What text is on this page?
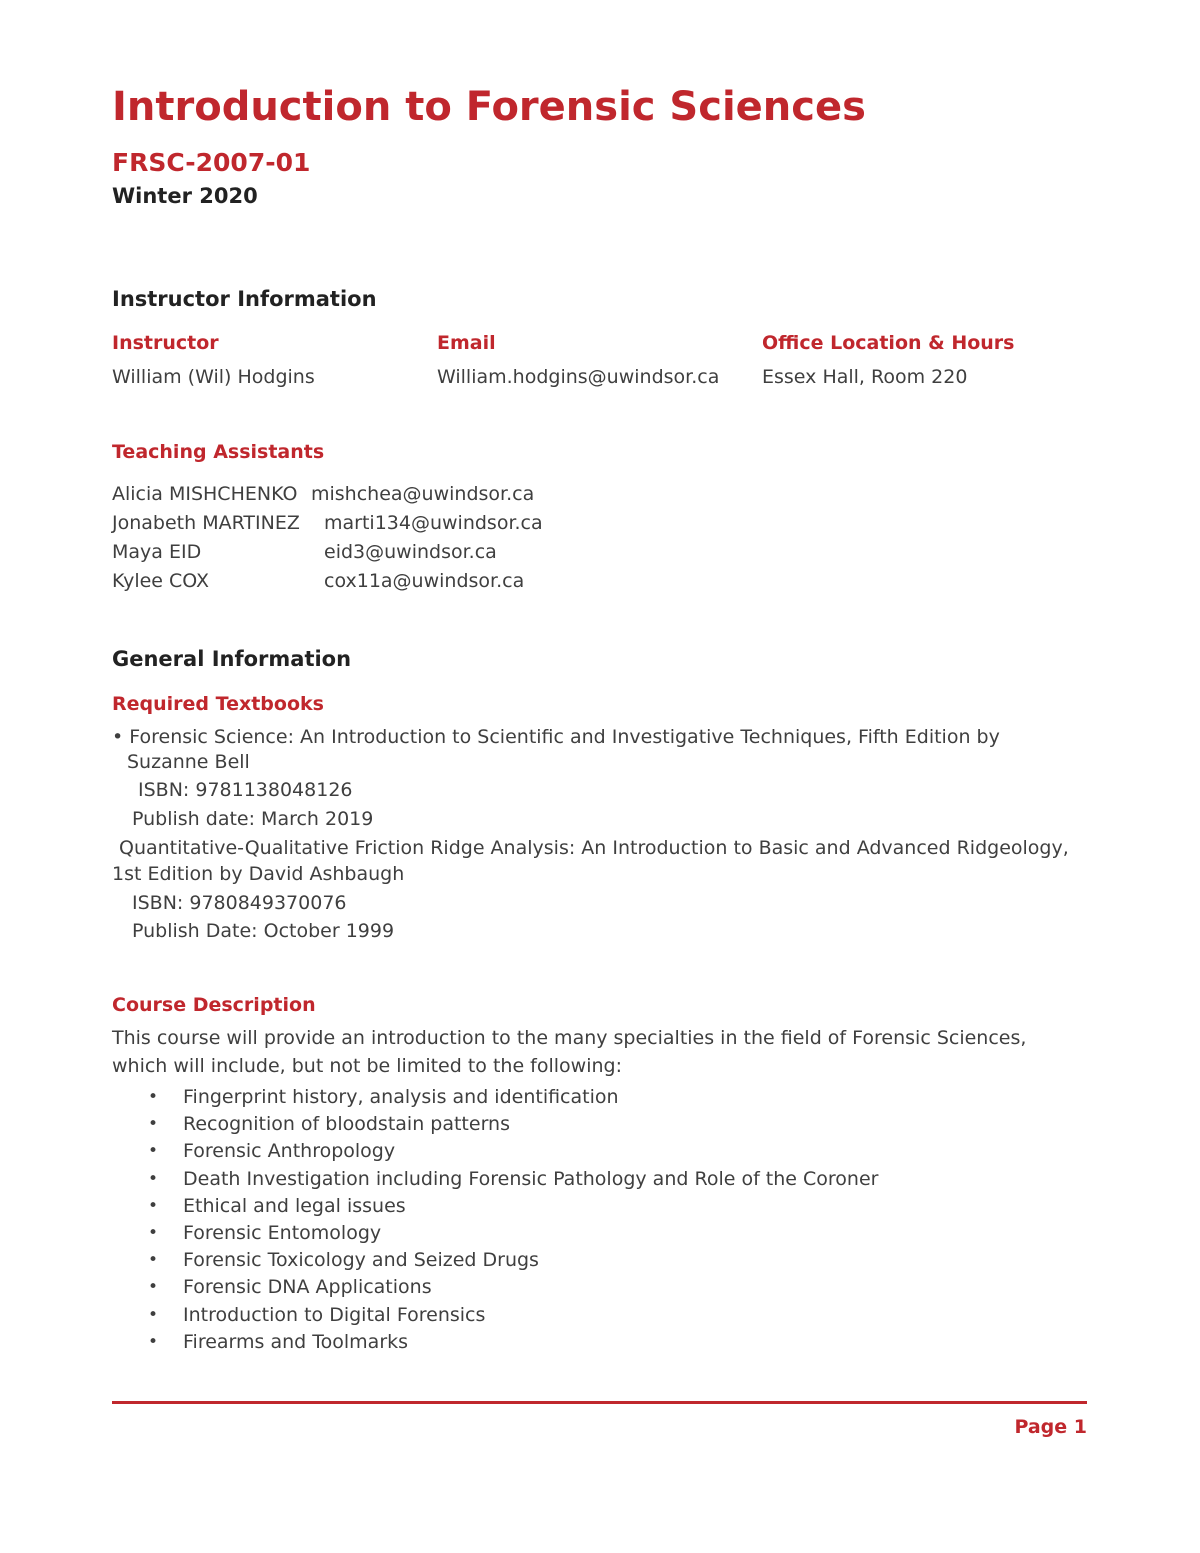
Introduction to Forensic Sciences
FRSC-2007-01
Winter 2020
Instructor Information
Instructor
William (Wil) Hodgins
Email
William.hodgins@uwindsor.ca
Office Location & Hours
Essex Hall, Room 220
Teaching Assistants
Alicia MISHCHENKO mishchea@uwindsor.ca
Jonabeth MARTINEZ marti134@uwindsor.ca
Maya EID	eid3@uwindsor.ca
Kylee COX	cox11a@uwindsor.ca
General Information
Required Textbooks
• Forensic Science: An Introduction to Scientific and Investigative Techniques, Fifth Edition by
Suzanne Bell
ISBN: 9781138048126
Publish date: March 2019
Quantitative-Qualitative Friction Ridge Analysis: An Introduction to Basic and Advanced Ridgeology,
1st Edition by David Ashbaugh
ISBN: 9780849370076
Publish Date: October 1999
Course Description
This course will provide an introduction to the many specialties in the field of Forensic Sciences,
which will include, but not be limited to the following:
• Fingerprint history, analysis and identification
• Recognition of bloodstain patterns
• Forensic Anthropology
• Death Investigation including Forensic Pathology and Role of the Coroner
• Ethical and legal issues
• Forensic Entomology
• Forensic Toxicology and Seized Drugs
• Forensic DNA Applications
• Introduction to Digital Forensics
• Firearms and Toolmarks
Page 1
